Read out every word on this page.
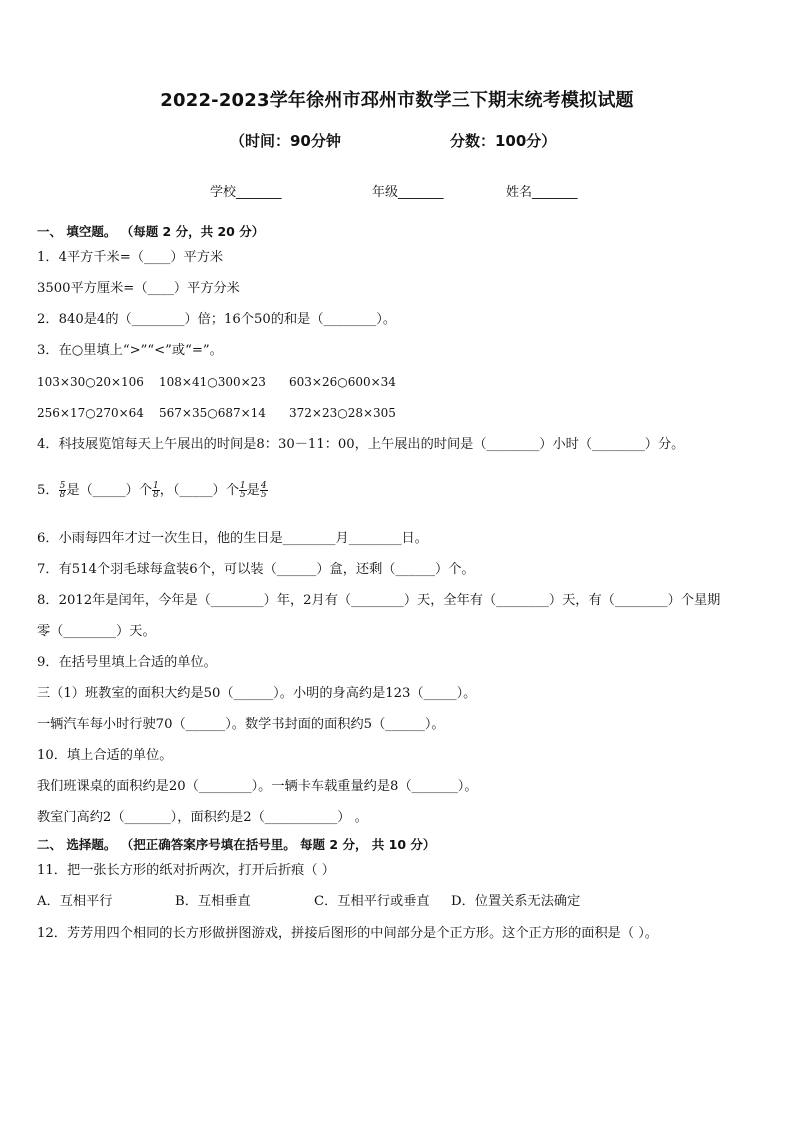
2022-2023学年徐州市邳州市数学三下期末统考模拟试题
（时间：90分钟	分数：100分）
学校_______	年级_______	姓名_______
一、 填空题。 （每题 2 分，共 20 分）
1．4平方千米=（____）平方米
3500平方厘米=（____）平方分米
2．840是4的（________）倍；16个50的和是（________）。
3．在○里填上“>”“<”或“=”。
103×30○20×106 108×41○300×23 603×26○600×34
256×17○270×64 567×35○687×14 372×23○28×305
4．科技展览馆每天上午展出的时间是8：30－11：00，上午展出的时间是（________）小时（________）分。
5． $\frac{5}{8}$ 是（_____）个 $\frac{1}{8}$ ，（_____）个 $\frac{1}{5}$ 是 $\frac{4}{5}$
6．小雨每四年才过一次生日，他的生日是________月________日。
7．有514个羽毛球每盒装6个，可以装（______）盒，还剩（______）个。
8．2012年是闰年，今年是（________）年，2月有（________）天，全年有（________）天，有（________）个星期
零（________）天。
9．在括号里填上合适的单位。
三（1）班教室的面积大约是50（______）。小明的身高约是123（_____）。
一辆汽车每小时行驶70（______）。数学书封面的面积约5（______）。
10．填上合适的单位。
我们班课桌的面积约是20（________）。一辆卡车载重量约是8（_______）。
教室门高约2（_______），面积约是2（___________） 。
二、 选择题。 （把正确答案序号填在括号里。 每题 2 分， 共 10 分）
11．把一张长方形的纸对折两次，打开后折痕（ ）
A．互相平行	B．互相垂直	C．互相平行或垂直 D．位置关系无法确定
12．芳芳用四个相同的长方形做拼图游戏，拼接后图形的中间部分是个正方形。这个正方形的面积是（ ）。
